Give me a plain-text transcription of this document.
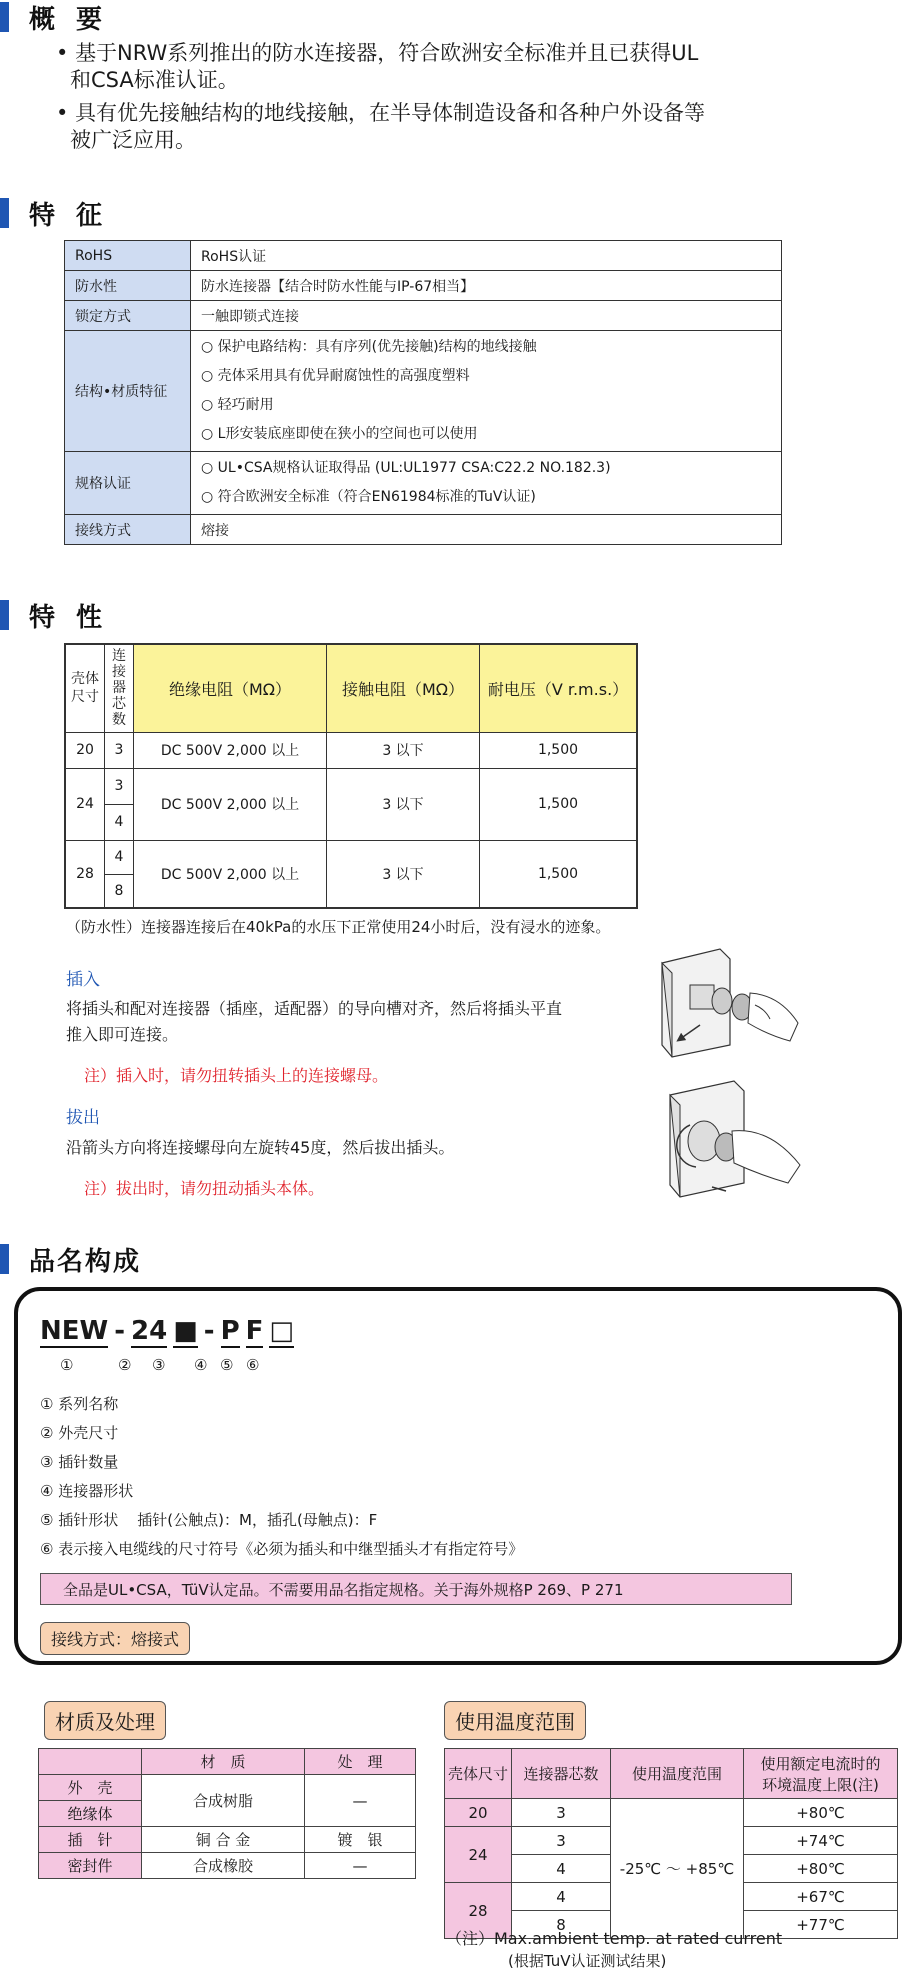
概 要
• 基于NRW系列推出的防水连接器，符合欧洲安全标准并且已获得UL
和CSA标准认证。
• 具有优先接触结构的地线接触，在半导体制造设备和各种户外设备等
被广泛应用。
特 征
RoHS	RoHS认证
防水性	防水连接器【结合时防水性能与IP-67相当】
锁定方式	一触即锁式连接
结构•材质特征	○ 保护电路结构：具有序列(优先接触)结构的地线接触
○ 壳体采用具有优异耐腐蚀性的高强度塑料
○ 轻巧耐用
○ L形安装底座即使在狭小的空间也可以使用

规格认证	○ UL•CSA规格认证取得品 (UL:UL1977 CSA:C22.2 NO.182.3)
○ 符合欧洲安全标准（符合EN61984标准的TuV认证)

接线方式	熔接
特 性
壳体
尺寸	连
接
器
芯
数	绝缘电阻（MΩ）	接触电阻（MΩ）	耐电压（V r.m.s.）
20	3	DC 500V 2,000 以上	3 以下	1,500
24	3	DC 500V 2,000 以上	3 以下	1,500
	4			
28	4	DC 500V 2,000 以上	3 以下	1,500
	8			
（防水性）连接器连接后在40kPa的水压下正常使用24小时后，没有浸水的迹象。
插入
将插头和配对连接器（插座，适配器）的导向槽对齐，然后将插头平直
推入即可连接。
注）插入时，请勿扭转插头上的连接螺母。
拔出
沿箭头方向将连接螺母向左旋转45度，然后拔出插头。
注）拔出时，请勿扭动插头本体。
品名构成
NEW - 24 ■ - P F □
①	② ③ ④ ⑤ ⑥
① 系列名称
② 外壳尺寸
③ 插针数量
④ 连接器形状
⑤ 插针形状    插针(公触点)：M，插孔(母触点)：F
⑥ 表示接入电缆线的尺寸符号《必须为插头和中继型插头才有指定符号》
全品是UL•CSA，TüV认定品。不需要用品名指定规格。关于海外规格P 269、P 271
接线方式：熔接式
材质及处理
	材　质	处　理
外　壳	合成树脂	—
绝缘体		
插　针	铜 合 金	镀　银
密封件	合成橡胶	—
使用温度范围
壳体尺寸	连接器芯数	使用温度范围	使用额定电流时的
环境温度上限(注)
20	3	-25℃ ～ +85℃	+80℃
24	3		+74℃
	4		+80℃
28	4		+67℃
	8		+77℃
（注）Max.ambient temp. at rated current
(根据TuV认证测试结果)
